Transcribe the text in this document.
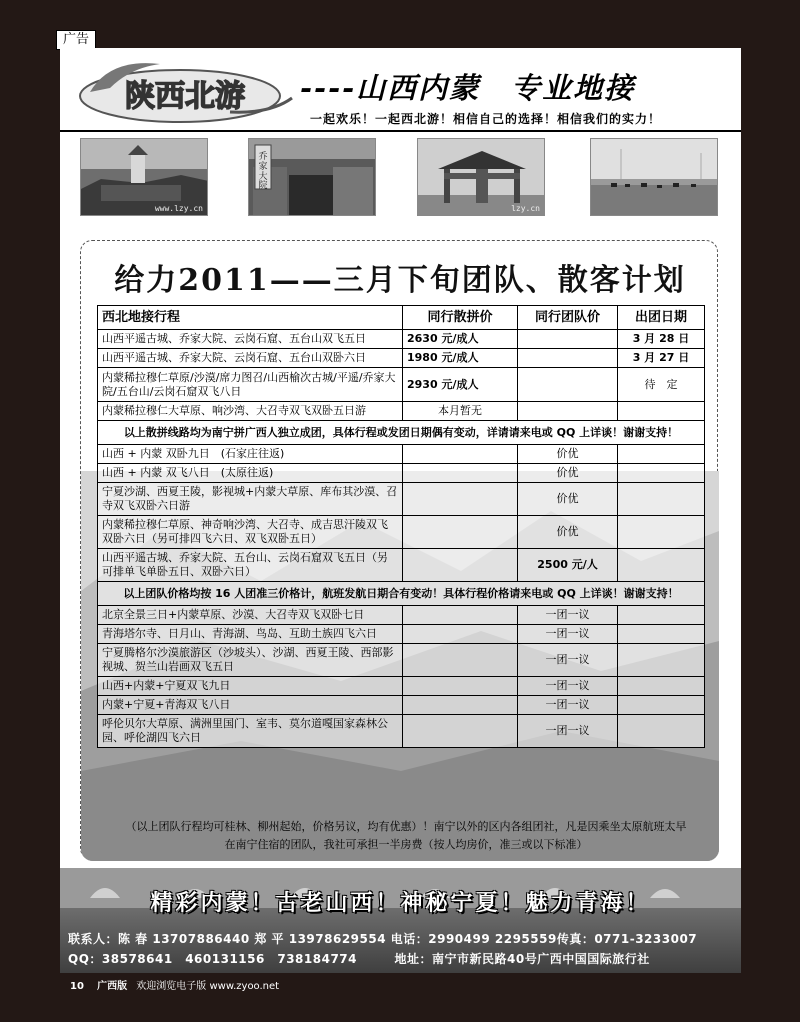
广告
陕西北游 ----山西内蒙　专业地接
一起欢乐！一起西北游！相信自己的选择！相信我们的实力！
www.lzy.cn
乔
家
大
院
lzy.cn
给力2011——三月下旬团队、散客计划
西北地接行程	同行散拼价	同行团队价	出团日期
山西平遥古城、乔家大院、云岗石窟、五台山双飞五日	2630 元/成人		3 月 28 日
山西平遥古城、乔家大院、云岗石窟、五台山双卧六日	1980 元/成人		3 月 27 日
内蒙稀拉穆仁草原/沙漠/席力图召/山西榆次古城/平遥/乔家大院/五台山/云岗石窟双飞八日	2930 元/成人		待　定
内蒙稀拉穆仁大草原、响沙湾、大召寺双飞双卧五日游	本月暂无		
以上散拼线路均为南宁拼广西人独立成团，具体行程或发团日期偶有变动，详请请来电或 QQ 上详谈！谢谢支持！			
山西 + 内蒙 双卧九日　(石家庄往返)		价优	
山西 + 内蒙 双飞八日　(太原往返)		价优	
宁夏沙湖、西夏王陵，影视城+内蒙大草原、库布其沙漠、召寺双飞双卧六日游		价优	
内蒙稀拉穆仁草原、神奇响沙湾、大召寺、成吉思汗陵双飞双卧六日（另可排四飞六日、双飞双卧五日）		价优	
山西平遥古城、乔家大院、五台山、云岗石窟双飞五日（另可排单飞单卧五日、双卧六日）		2500 元/人	
以上团队价格均按 16 人团准三价格计，航班发航日期合有变动！具体行程价格请来电或 QQ 上详谈！谢谢支持！			
北京全景三日+内蒙草原、沙漠、大召寺双飞双卧七日		一团一议	
青海塔尔寺、日月山、青海湖、鸟岛、互助土族四飞六日		一团一议	
宁夏腾格尔沙漠旅游区（沙坡头）、沙湖、西夏王陵、西部影视城、贺兰山岩画双飞五日		一团一议	
山西+内蒙+宁夏双飞九日		一团一议	
内蒙+宁夏+青海双飞八日		一团一议	
呼伦贝尔大草原、满洲里国门、室韦、莫尔道嘎国家森林公园、呼伦湖四飞六日		一团一议	
（以上团队行程均可桂林、柳州起始，价格另议，均有优惠）！南宁以外的区内各组团社，凡是因乘坐太原航班太早
在南宁住宿的团队，我社可承担一半房费（按人均房价，准三或以下标准）
精彩内蒙！古老山西！神秘宁夏！魅力青海！
联系人：陈 春 13707886440 郑 平 13978629554 电话：2990499 2295559传真：0771-3233007
QQ：38578641　460131156　738184774　　　地址：南宁市新民路40号广西中国国际旅行社
10 广西版 欢迎浏览电子版 www.zyoo.net
